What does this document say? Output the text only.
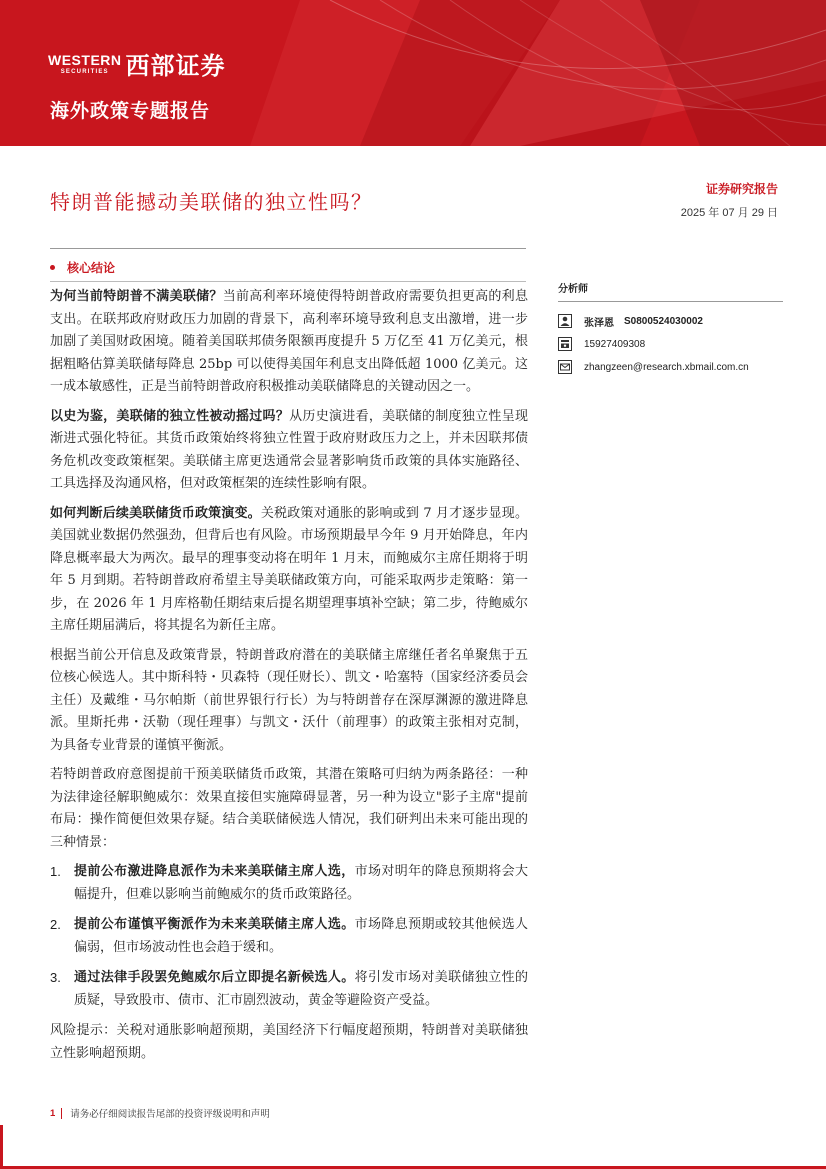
WESTERN
SECURITIES 西部证券
海外政策专题报告
特朗普能撼动美联储的独立性吗？
证券研究报告
2025 年 07 月 29 日
核心结论

为何当前特朗普不满美联储？当前高利率环境使得特朗普政府需要负担更高的利息支出。在联邦政府财政压力加剧的背景下，高利率环境导致利息支出激增，进一步加剧了美国财政困境。随着美国联邦债务限额再度提升 5 万亿至 41 万亿美元，根据粗略估算美联储每降息 25bp 可以使得美国年利息支出降低超 1000 亿美元。这一成本敏感性，正是当前特朗普政府积极推动美联储降息的关键动因之一。

以史为鉴，美联储的独立性被动摇过吗？从历史演进看，美联储的制度独立性呈现渐进式强化特征。其货币政策始终将独立性置于政府财政压力之上，并未因联邦债务危机改变政策框架。美联储主席更迭通常会显著影响货币政策的具体实施路径、工具选择及沟通风格，但对政策框架的连续性影响有限。

如何判断后续美联储货币政策演变。关税政策对通胀的影响或到 7 月才逐步显现。美国就业数据仍然强劲，但背后也有风险。市场预期最早今年 9 月开始降息，年内降息概率最大为两次。最早的理事变动将在明年 1 月末，而鲍威尔主席任期将于明年 5 月到期。若特朗普政府希望主导美联储政策方向，可能采取两步走策略：第一步，在 2026 年 1 月库格勒任期结束后提名期望理事填补空缺；第二步，待鲍威尔主席任期届满后，将其提名为新任主席。

根据当前公开信息及政策背景，特朗普政府潜在的美联储主席继任者名单聚焦于五位核心候选人。其中斯科特・贝森特（现任财长）、凯文・哈塞特（国家经济委员会主任）及戴维・马尔帕斯（前世界银行行长）为与特朗普存在深厚渊源的激进降息派。里斯托弗・沃勒（现任理事）与凯文・沃什（前理事）的政策主张相对克制，为具备专业背景的谨慎平衡派。

若特朗普政府意图提前干预美联储货币政策，其潜在策略可归纳为两条路径：一种为法律途径解职鲍威尔：效果直接但实施障碍显著，另一种为设立"影子主席"提前布局：操作简便但效果存疑。结合美联储候选人情况，我们研判出未来可能出现的三种情景：

1. 提前公布激进降息派作为未来美联储主席人选，市场对明年的降息预期将会大幅提升，但难以影响当前鲍威尔的货币政策路径。
2. 提前公布谨慎平衡派作为未来美联储主席人选。市场降息预期或较其他候选人偏弱，但市场波动性也会趋于缓和。
3. 通过法律手段罢免鲍威尔后立即提名新候选人。将引发市场对美联储独立性的质疑，导致股市、债市、汇市剧烈波动，黄金等避险资产受益。

风险提示：关税对通胀影响超预期，美国经济下行幅度超预期，特朗普对美联储独立性影响超预期。

分析师
张泽恩 S0800524030002
15927409308
zhangzeen@research.xbmail.com.cn
1 请务必仔细阅读报告尾部的投资评级说明和声明
